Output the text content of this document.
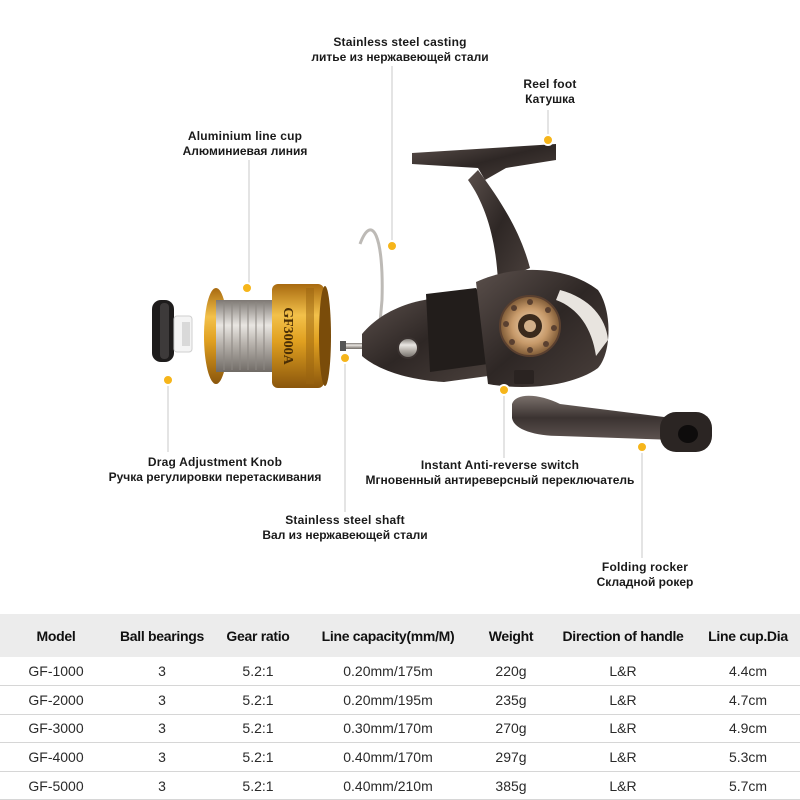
GF3000A
Stainless steel casting
литье из нержавеющей стали
Reel foot
Катушка
Aluminium line cup
Алюминиевая линия
Drag Adjustment Knob
Ручка регулировки перетаскивания
Instant Anti-reverse switch
Мгновенный антиреверсный переключатель
Stainless steel shaft
Вал из нержавеющей стали
Folding rocker
Складной рокер
Model	Ball bearings	Gear ratio	Line capacity(mm/M)	Weight	Direction of handle	Line cup.Dia
GF-1000	3	5.2:1	0.20mm/175m	220g	L&R	4.4cm
GF-2000	3	5.2:1	0.20mm/195m	235g	L&R	4.7cm
GF-3000	3	5.2:1	0.30mm/170m	270g	L&R	4.9cm
GF-4000	3	5.2:1	0.40mm/170m	297g	L&R	5.3cm
GF-5000	3	5.2:1	0.40mm/210m	385g	L&R	5.7cm
